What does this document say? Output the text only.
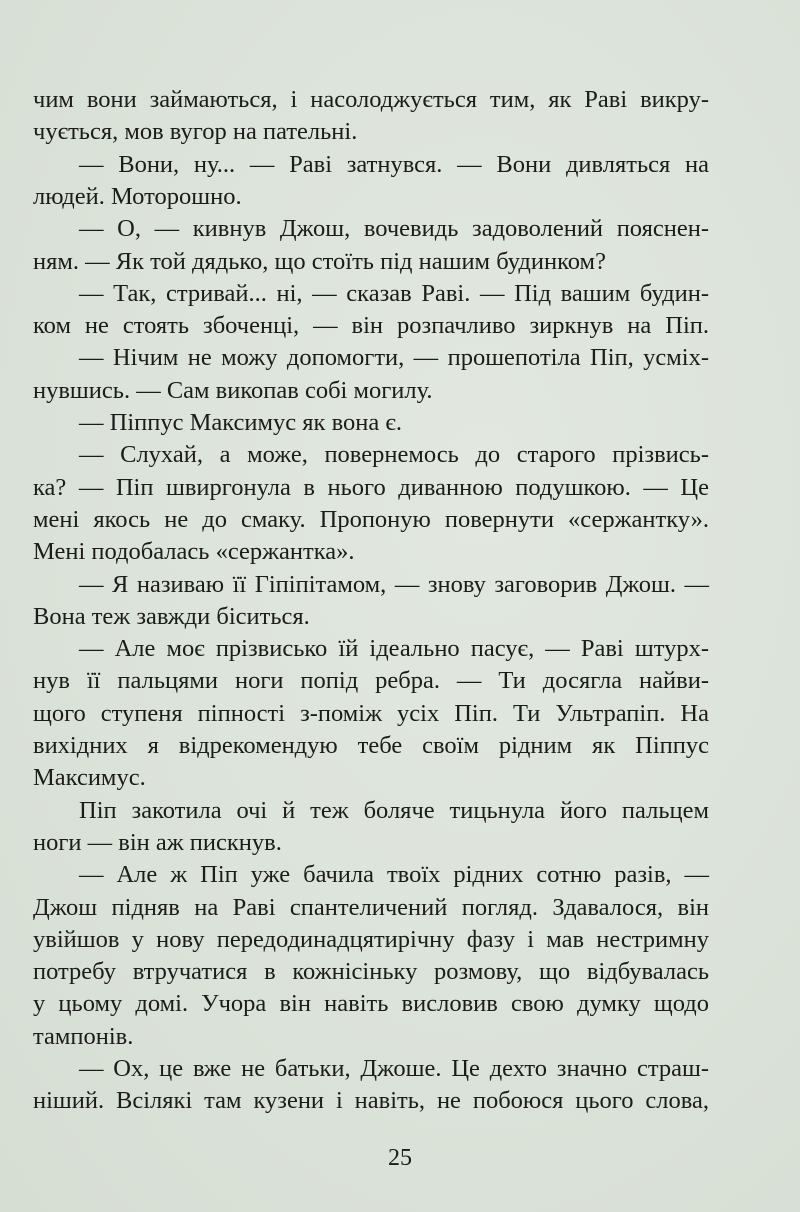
чим вони займаються, і насолоджується тим, як Раві викру-
чується, мов вугор на пательні.
— Вони, ну... — Раві затнувся. — Вони дивляться на
людей. Моторошно.
— О, — кивнув Джош, вочевидь задоволений пояснен-
ням. — Як той дядько, що стоїть під нашим будинком?
— Так, стривай... ні, — сказав Раві. — Під вашим будин-
ком не стоять збоченці, — він розпачливо зиркнув на Піп.
— Нічим не можу допомогти, — прошепотіла Піп, усміх-
нувшись. — Сам викопав собі могилу.
— Піппус Максимус як вона є.
— Слухай, а може, повернемось до старого прізвись-
ка? — Піп швиргонула в нього диванною подушкою. — Це
мені якось не до смаку. Пропоную повернути «сержантку».
Мені подобалась «сержантка».
— Я називаю її Гіпіпітамом, — знову заговорив Джош. —
Вона теж завжди біситься.
— Але моє прізвисько їй ідеально пасує, — Раві штурх-
нув її пальцями ноги попід ребра. — Ти досягла найви-
щого ступеня піпності з-поміж усіх Піп. Ти Ультрапіп. На
вихідних я відрекомендую тебе своїм рідним як Піппус
Максимус.
Піп закотила очі й теж боляче тицьнула його пальцем
ноги — він аж пискнув.
— Але ж Піп уже бачила твоїх рідних сотню разів, —
Джош підняв на Раві спантеличений погляд. Здавалося, він
увійшов у нову передодинадцятирічну фазу і мав нестримну
потребу втручатися в кожнісіньку розмову, що відбувалась
у цьому домі. Учора він навіть висловив свою думку щодо
тампонів.
— Ох, це вже не батьки, Джоше. Це дехто значно страш-
ніший. Всілякі там кузени і навіть, не побоюся цього слова,
25
